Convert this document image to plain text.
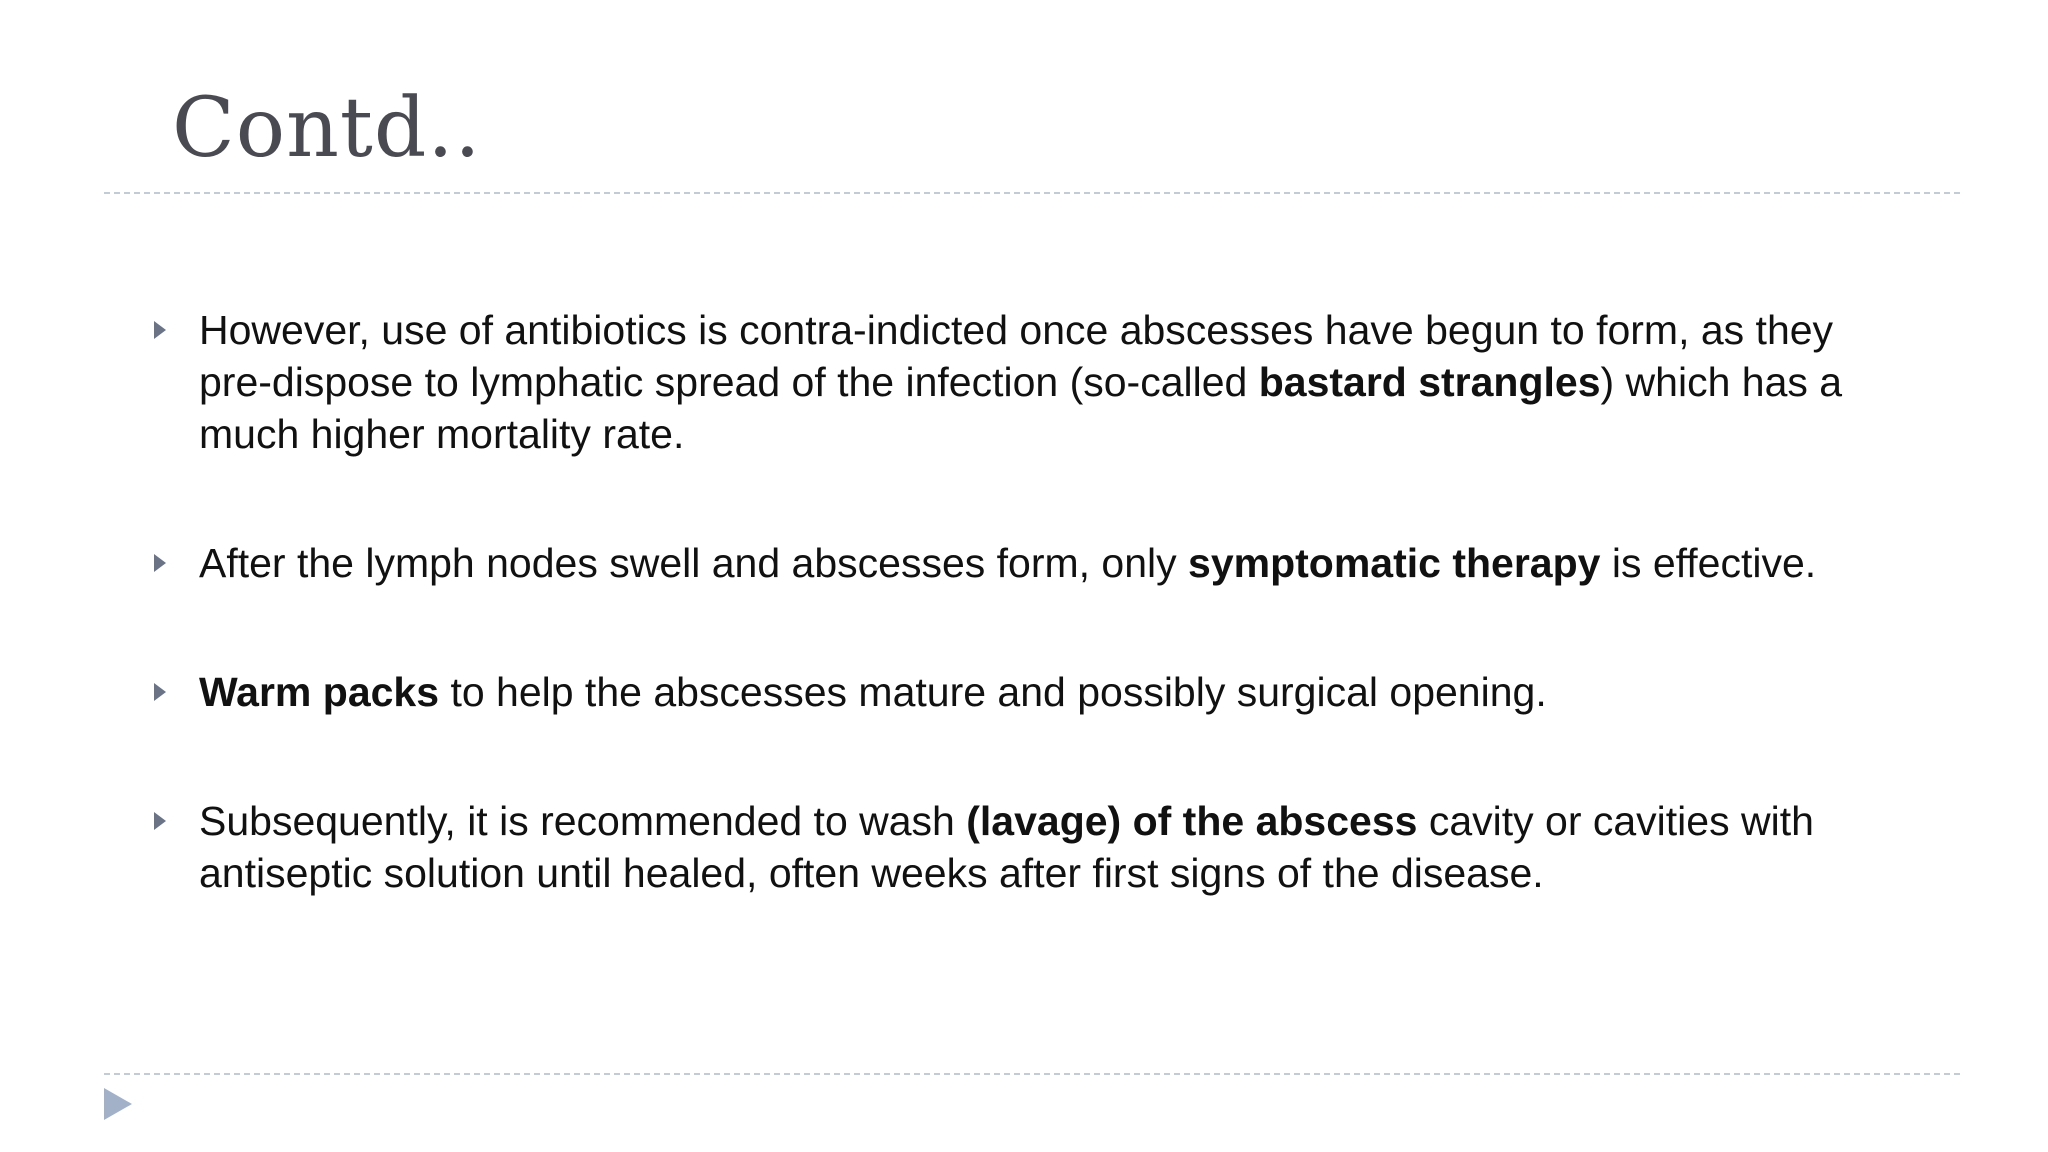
Contd..
However, use of antibiotics is contra-indicted once abscesses have begun to form, as they pre-dispose to lymphatic spread of the infection (so-called bastard strangles) which has a much higher mortality rate.
After the lymph nodes swell and abscesses form, only symptomatic therapy is effective.
Warm packs to help the abscesses mature and possibly surgical opening.
Subsequently, it is recommended to wash (lavage) of the abscess cavity or cavities with antiseptic solution until healed, often weeks after first signs of the disease.
